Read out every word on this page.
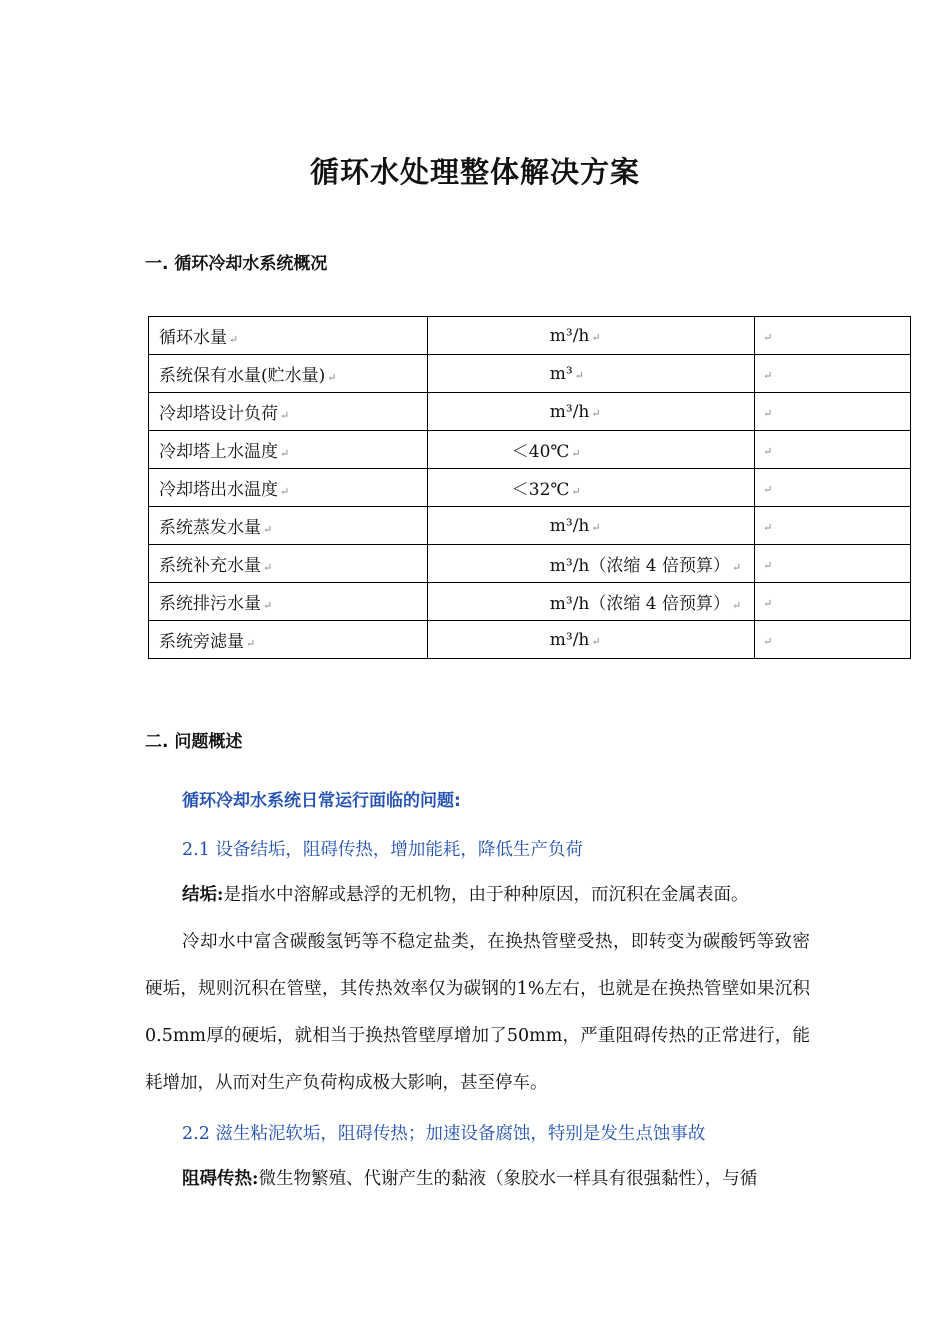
循环水处理整体解决方案
一. 循环冷却水系统概况
循环水量 ↵	m³/h ↵	↵
系统保有水量(贮水量) ↵	m³ ↵	↵
冷却塔设计负荷 ↵	m³/h ↵	↵
冷却塔上水温度 ↵	＜40℃ ↵	↵
冷却塔出水温度 ↵	＜32℃ ↵	↵
系统蒸发水量 ↵	m³/h ↵	↵
系统补充水量 ↵	m³/h（浓缩 4 倍预算） ↵	↵
系统排污水量 ↵	m³/h（浓缩 4 倍预算） ↵	↵
系统旁滤量 ↵	m³/h ↵	↵
二. 问题概述
循环冷却水系统日常运行面临的问题:
2.1 设备结垢，阻碍传热，增加能耗，降低生产负荷
结垢:是指水中溶解或悬浮的无机物，由于种种原因，而沉积在金属表面。
冷却水中富含碳酸氢钙等不稳定盐类，在换热管壁受热，即转变为碳酸钙等致密硬垢，规则沉积在管壁，其传热效率仅为碳钢的1%左右，也就是在换热管壁如果沉积0.5mm厚的硬垢，就相当于换热管壁厚增加了50mm，严重阻碍传热的正常进行，能耗增加，从而对生产负荷构成极大影响，甚至停车。
2.2 滋生粘泥软垢，阻碍传热；加速设备腐蚀，特别是发生点蚀事故
阻碍传热:微生物繁殖、代谢产生的黏液（象胶水一样具有很强黏性），与循
